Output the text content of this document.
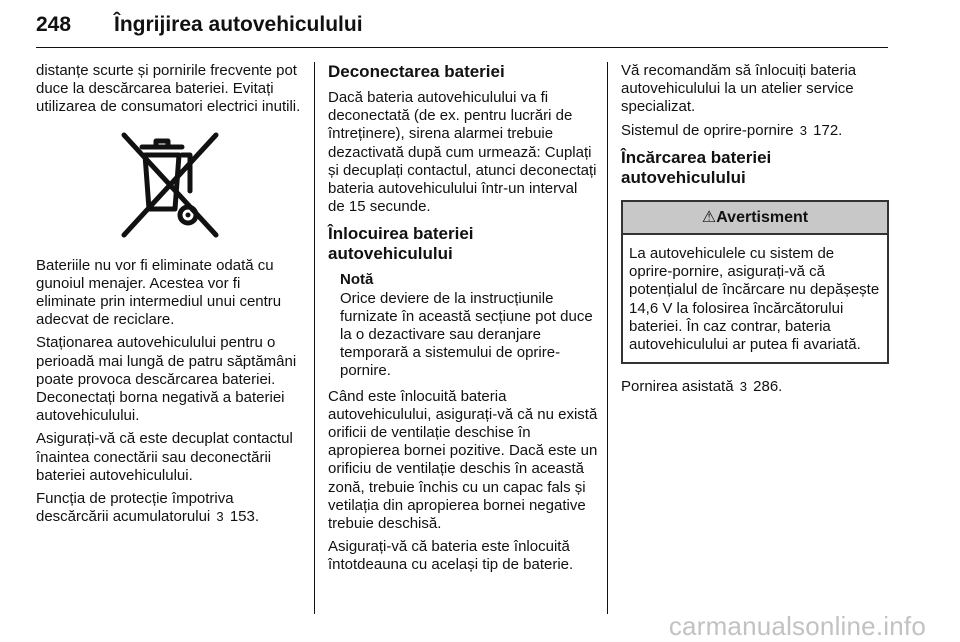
248 Îngrijirea autovehiculului

distanțe scurte și pornirile frecvente pot duce la descărcarea bateriei. Evitați utilizarea de consumatori electrici inutili.

Bateriile nu vor fi eliminate odată cu gunoiul menajer. Acestea vor fi eliminate prin intermediul unui centru adecvat de reciclare.

Staționarea autovehiculului pentru o perioadă mai lungă de patru săptămâni poate provoca descărcarea bateriei. Deconectați borna negativă a bateriei autovehiculului.

Asigurați-vă că este decuplat contactul înaintea conectării sau deconectării bateriei autovehiculului.

Funcția de protecție împotriva descărcării acumulatorului 3 153.

Deconectarea bateriei

Dacă bateria autovehiculului va fi deconectată (de ex. pentru lucrări de întreținere), sirena alarmei trebuie dezactivată după cum urmează: Cuplați și decuplați contactul, atunci deconectați bateria autovehiculului într-un interval de 15 secunde.

Înlocuirea bateriei autovehiculului
Notă
Orice deviere de la instrucțiunile furnizate în această secțiune pot duce la o dezactivare sau deranjare temporară a sistemului de oprire-pornire.

Când este înlocuită bateria autovehiculului, asigurați-vă că nu există orificii de ventilație deschise în apropierea bornei pozitive. Dacă este un orificiu de ventilație deschis în această zonă, trebuie închis cu un capac fals și vetilația din apropierea bornei negative trebuie deschisă.

Asigurați-vă că bateria este înlocuită întotdeauna cu același tip de baterie.

Vă recomandăm să înlocuiți bateria autovehiculului la un atelier service specializat.

Sistemul de oprire-pornire 3 172.

Încărcarea bateriei autovehiculului
⚠Avertisment

La autovehiculele cu sistem de oprire-pornire, asigurați-vă că potențialul de încărcare nu depășește 14,6 V la folosirea încărcătorului bateriei. În caz contrar, bateria autovehiculului ar putea fi avariată.

Pornirea asistată 3 286.

carmanualsonline.info
